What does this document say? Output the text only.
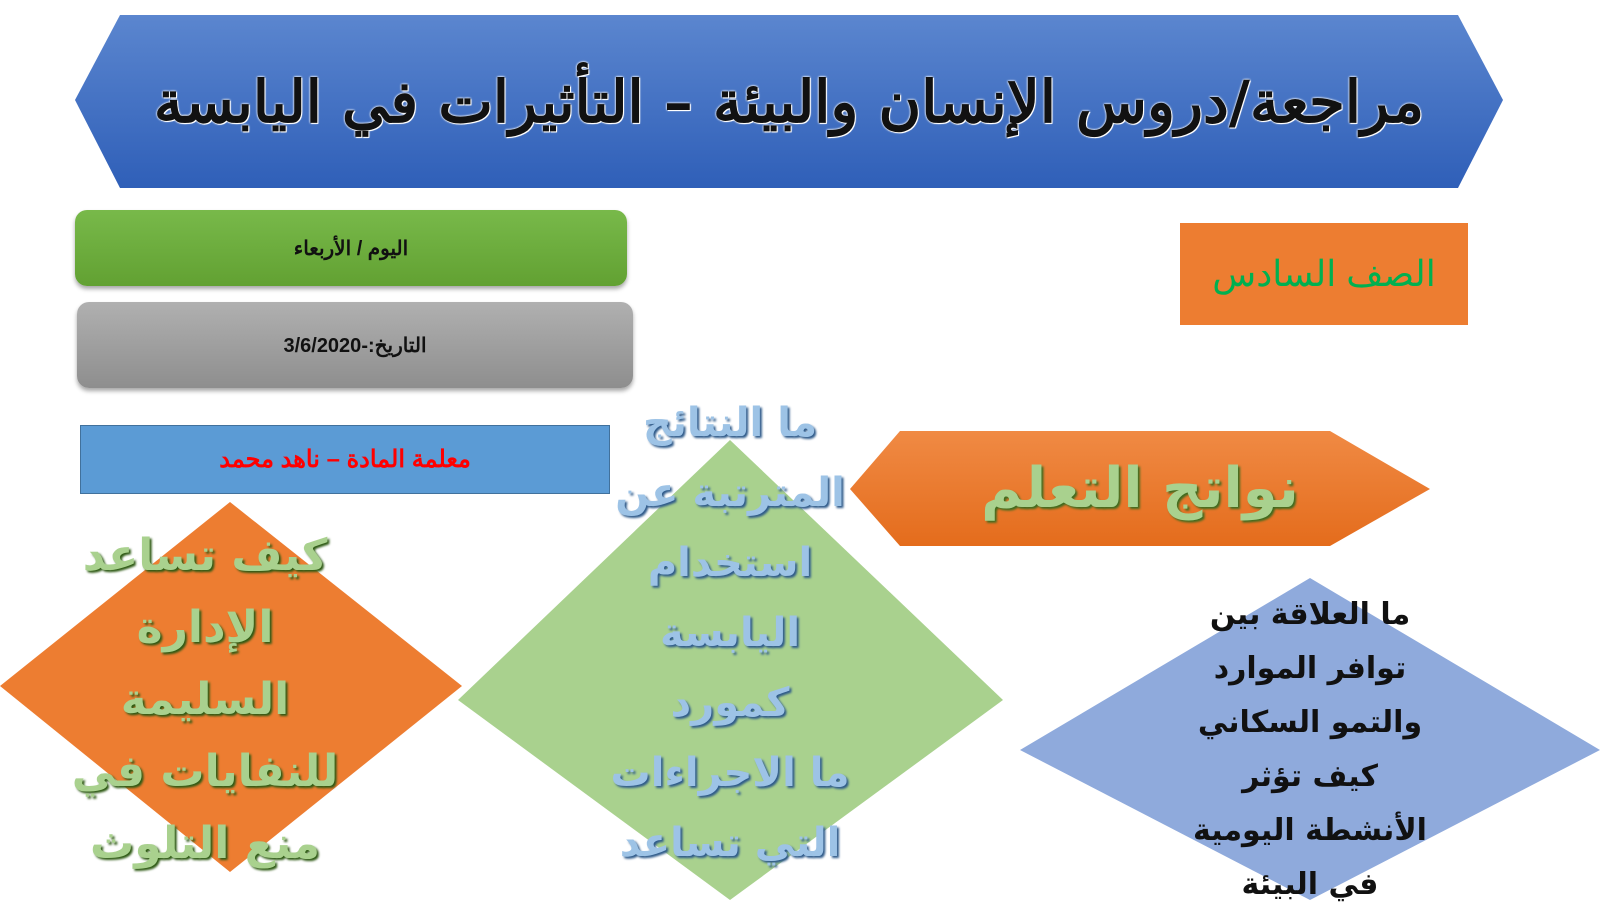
مراجعة/دروس الإنسان والبيئة – التأثيرات في اليابسة
اليوم / الأربعاء
التاريخ:-3/6/2020
معلمة المادة – ناهد محمد
الصف السادس
نواتج التعلم
كيف تساعد
الإدارة
السليمة
للنفايات في
منع التلوث
ما النتائج
المترتبة عن
استخدام
اليابسة
كمورد
ما الاجراءات
التي تساعد
ما العلاقة بين
توافر الموارد
والتمو السكاني
كيف تؤثر
الأنشطة اليومية
في البيئة
